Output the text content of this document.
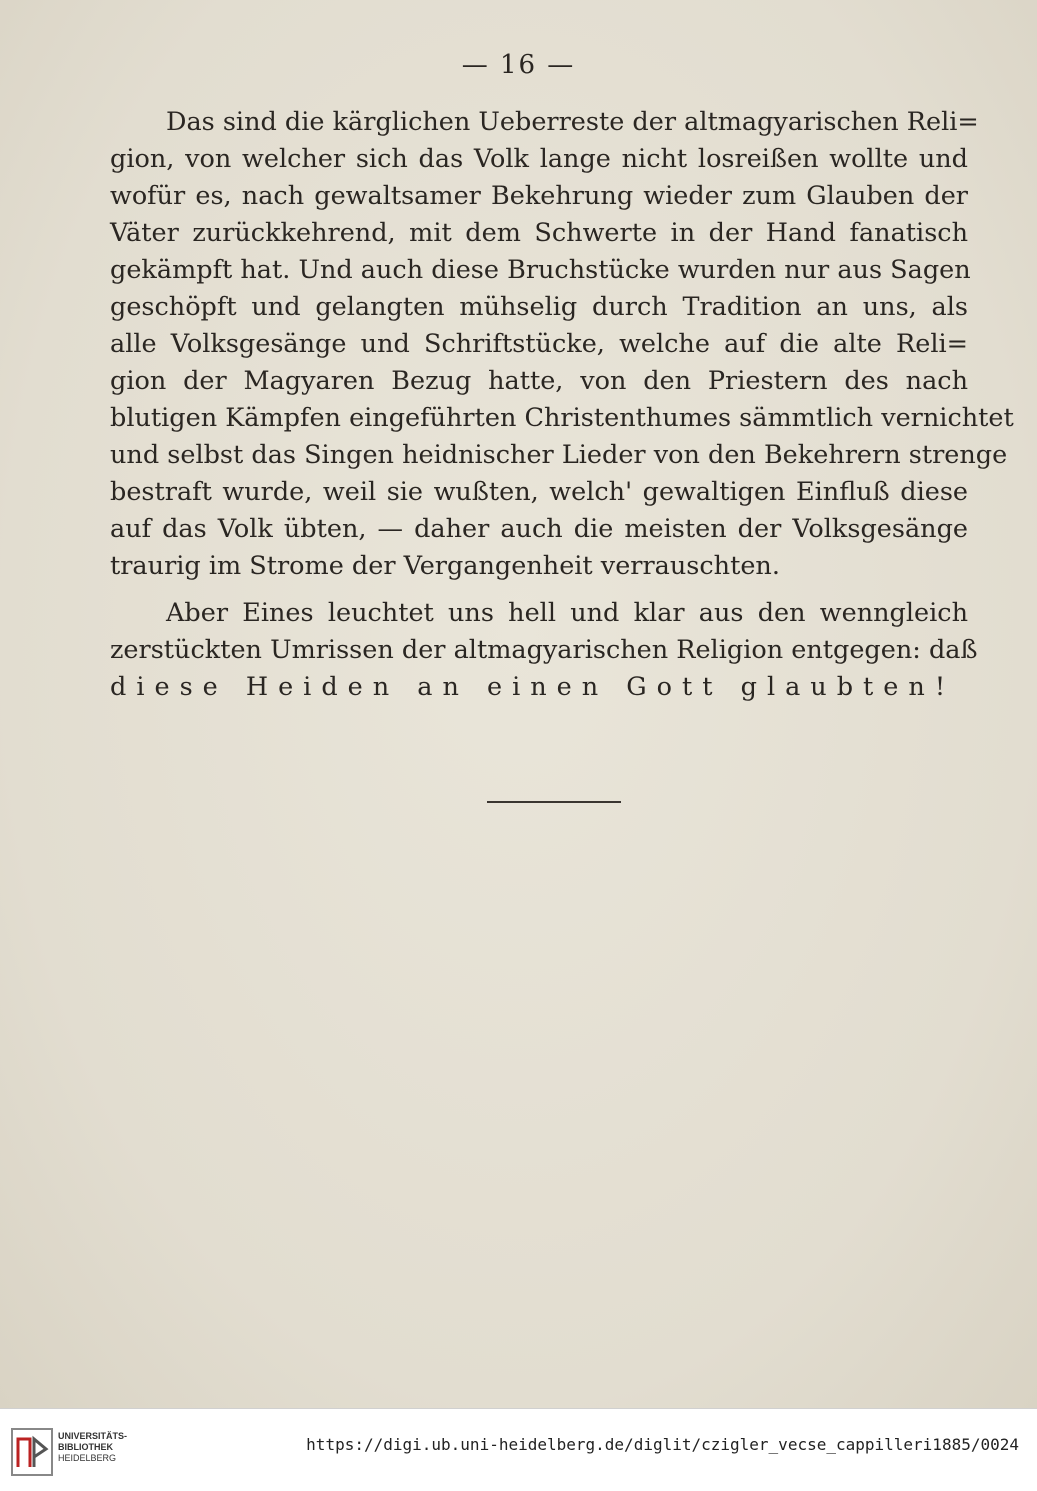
— 16 —
Das sind die kärglichen Ueberreste der altmagyarischen Reli=
gion, von welcher sich das Volk lange nicht losreißen wollte und
wofür es, nach gewaltsamer Bekehrung wieder zum Glauben der
Väter zurückkehrend, mit dem Schwerte in der Hand fanatisch
gekämpft hat. Und auch diese Bruchstücke wurden nur aus Sagen
geschöpft und gelangten mühselig durch Tradition an uns, als
alle Volksgesänge und Schriftstücke, welche auf die alte Reli=
gion der Magyaren Bezug hatte, von den Priestern des nach
blutigen Kämpfen eingeführten Christenthumes sämmtlich vernichtet
und selbst das Singen heidnischer Lieder von den Bekehrern strenge
bestraft wurde, weil sie wußten, welch' gewaltigen Einfluß diese
auf das Volk übten, — daher auch die meisten der Volksgesänge
traurig im Strome der Vergangenheit verrauschten.
Aber Eines leuchtet uns hell und klar aus den wenngleich
zerstückten Umrissen der altmagyarischen Religion entgegen: daß
diese Heiden an einen Gott glaubten!
UNIVERSITÄTS-
BIBLIOTHEK
HEIDELBERG
https://digi.ub.uni-heidelberg.de/diglit/czigler_vecse_cappilleri1885/0024
